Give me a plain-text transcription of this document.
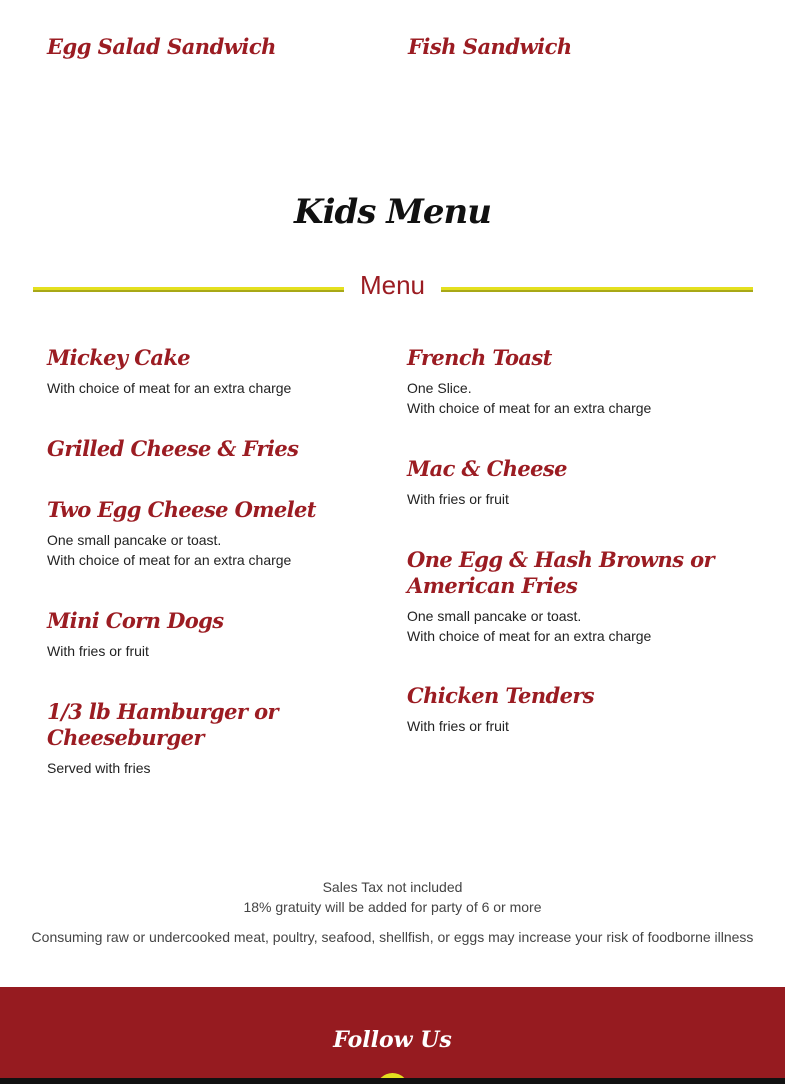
Egg Salad Sandwich	Fish Sandwich
Kids Menu
Menu
Mickey Cake
With choice of meat for an extra charge
Grilled Cheese & Fries
Two Egg Cheese Omelet
One small pancake or toast.
With choice of meat for an extra charge
Mini Corn Dogs
With fries or fruit
1/3 lb Hamburger or Cheeseburger
Served with fries
French Toast
One Slice.
With choice of meat for an extra charge
Mac & Cheese
With fries or fruit
One Egg & Hash Browns or American Fries
One small pancake or toast.
With choice of meat for an extra charge
Chicken Tenders
With fries or fruit
Sales Tax not included
18% gratuity will be added for party of 6 or more
Consuming raw or undercooked meat, poultry, seafood, shellfish, or eggs may increase your risk of foodborne illness
Follow Us
